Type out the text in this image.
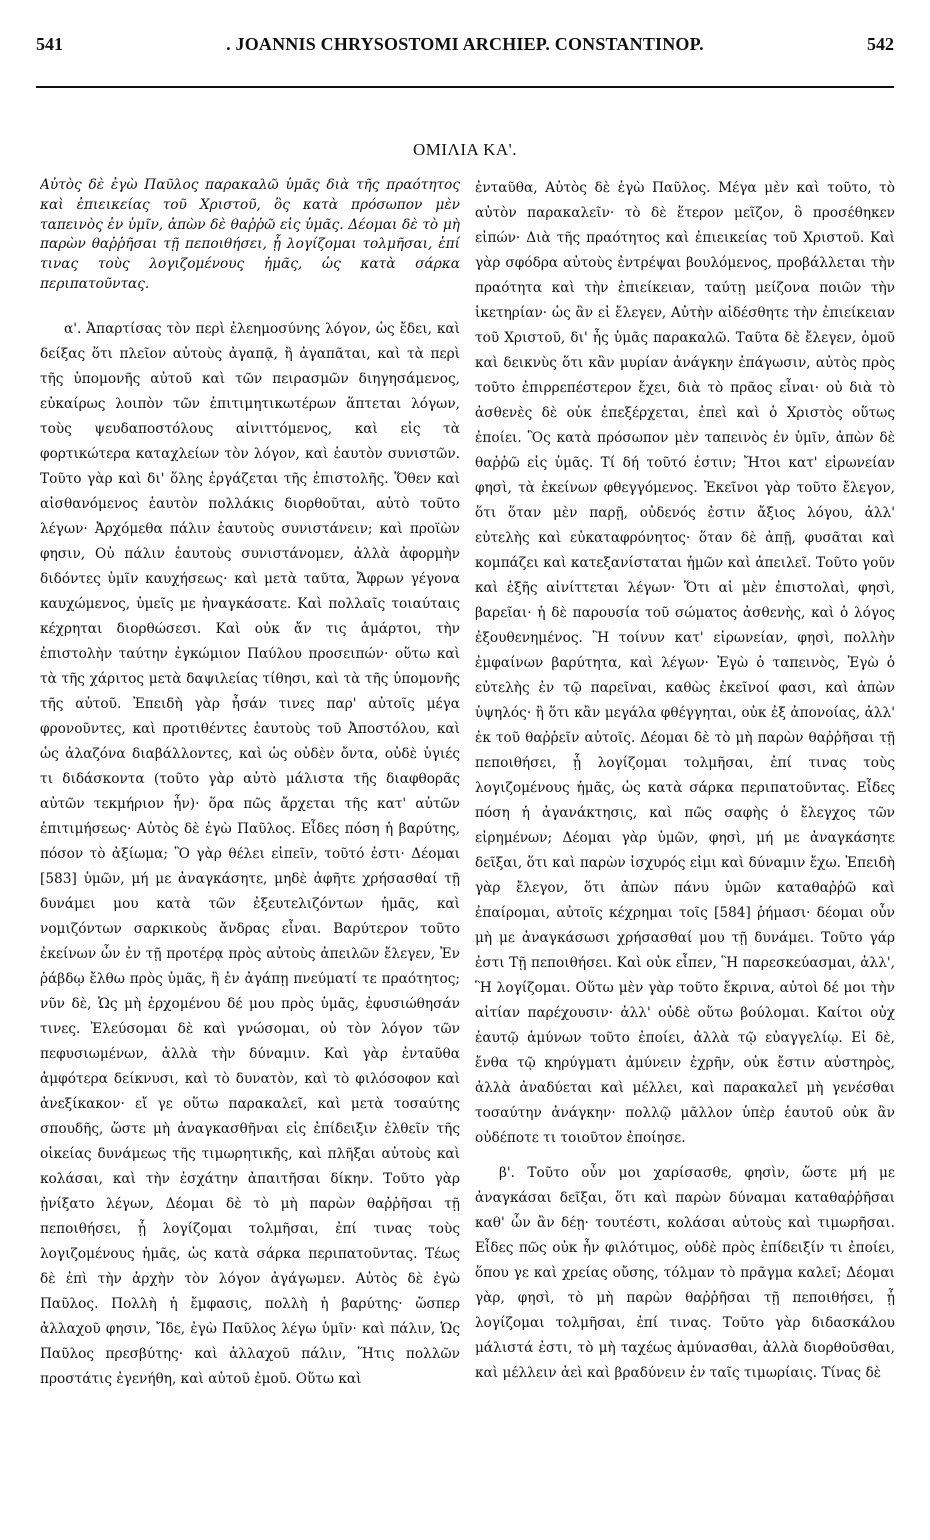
541	. JOANNIS CHRYSOSTOMI ARCHIEP. CONSTANTINOP.	542
ΟΜΙΛΙΑ ΚΑ'.

Αὐτὸς δὲ ἐγὼ Παῦλος παρακαλῶ ὑμᾶς διὰ τῆς πραότητος καὶ ἐπιεικείας τοῦ Χριστοῦ, ὃς κατὰ πρόσωπον μὲν ταπεινὸς ἐν ὑμῖν, ἀπὼν δὲ θαῤῥῶ εἰς ὑμᾶς. Δέομαι δὲ τὸ μὴ παρὼν θαῤῥῆσαι τῇ πεποιθήσει, ᾗ λογίζομαι τολμῆσαι, ἐπί τινας τοὺς λογιζομένους ἡμᾶς, ὡς κατὰ σάρκα περιπατοῦντας.

α'. Ἀπαρτίσας τὸν περὶ ἐλεημοσύνης λόγον, ὡς ἔδει, καὶ δείξας ὅτι πλεῖον αὐτοὺς ἀγαπᾷ, ἢ ἀγαπᾶται, καὶ τὰ περὶ τῆς ὑπομονῆς αὐτοῦ καὶ τῶν πειρασμῶν διηγησάμενος, εὐκαίρως λοιπὸν τῶν ἐπιτιμητικωτέρων ἅπτεται λόγων, τοὺς ψευδαποστόλους αἰνιττόμενος, καὶ εἰς τὰ φορτικώτερα καταχλείων τὸν λόγον, καὶ ἑαυτὸν συνιστῶν. Τοῦτο γὰρ καὶ δι' ὅλης ἐργάζεται τῆς ἐπιστολῆς. Ὅθεν καὶ αἰσθανόμενος ἑαυτὸν πολλάκις διορθοῦται, αὐτὸ τοῦτο λέγων· Ἀρχόμεθα πάλιν ἑαυτοὺς συνιστάνειν; καὶ προϊὼν φησιν, Οὐ πάλιν ἑαυτοὺς συνιστάνομεν, ἀλλὰ ἀφορμὴν διδόντες ὑμῖν καυχήσεως· καὶ μετὰ ταῦτα, Ἄφρων γέγονα καυχώμενος, ὑμεῖς με ἠναγκάσατε. Καὶ πολλαῖς τοιαύταις κέχρηται διορθώσεσι. Καὶ οὐκ ἄν τις ἁμάρτοι, τὴν ἐπιστολὴν ταύτην ἐγκώμιον Παύλου προσειπών· οὕτω καὶ τὰ τῆς χάριτος μετὰ δαψιλείας τίθησι, καὶ τὰ τῆς ὑπομονῆς τῆς αὐτοῦ. Ἐπειδὴ γὰρ ἦσάν τινες παρ' αὐτοῖς μέγα φρονοῦντες, καὶ προτιθέντες ἑαυτοὺς τοῦ Ἀποστόλου, καὶ ὡς ἀλαζόνα διαβάλλοντες, καὶ ὡς οὐδὲν ὄντα, οὐδὲ ὑγιές τι διδάσκοντα (τοῦτο γὰρ αὐτὸ μάλιστα τῆς διαφθορᾶς αὐτῶν τεκμήριον ἦν)· ὅρα πῶς ἄρχεται τῆς κατ' αὐτῶν ἐπιτιμήσεως· Αὐτὸς δὲ ἐγὼ Παῦλος. Εἶδες πόση ἡ βαρύτης, πόσον τὸ ἀξίωμα; Ὃ γὰρ θέλει εἰπεῖν, τοῦτό ἐστι· Δέομαι [583] ὑμῶν, μή με ἀναγκάσητε, μηδὲ ἀφῆτε χρήσασθαί τῇ δυνάμει μου κατὰ τῶν ἐξευτελιζόντων ἡμᾶς, καὶ νομιζόντων σαρκικοὺς ἄνδρας εἶναι. Βαρύτερον τοῦτο ἐκείνων ὧν ἐν τῇ προτέρᾳ πρὸς αὐτοὺς ἀπειλῶν ἔλεγεν, Ἐν ῥάβδῳ ἔλθω πρὸς ὑμᾶς, ἢ ἐν ἀγάπῃ πνεύματί τε πραότητος; νῦν δὲ, Ὡς μὴ ἐρχομένου δέ μου πρὸς ὑμᾶς, ἐφυσιώθησάν τινες. Ἐλεύσομαι δὲ καὶ γνώσομαι, οὐ τὸν λόγον τῶν πεφυσιωμένων, ἀλλὰ τὴν δύναμιν. Καὶ γὰρ ἐνταῦθα ἀμφότερα δείκνυσι, καὶ τὸ δυνατὸν, καὶ τὸ φιλόσοφον καὶ ἀνεξίκακον· εἴ γε οὕτω παρακαλεῖ, καὶ μετὰ τοσαύτης σπουδῆς, ὥστε μὴ ἀναγκασθῆναι εἰς ἐπίδειξιν ἐλθεῖν τῆς οἰκείας δυνάμεως τῆς τιμωρητικῆς, καὶ πλῆξαι αὐτοὺς καὶ κολάσαι, καὶ τὴν ἐσχάτην ἀπαιτῆσαι δίκην. Τοῦτο γὰρ ᾐνίξατο λέγων, Δέομαι δὲ τὸ μὴ παρὼν θαῤῥῆσαι τῇ πεποιθήσει, ᾗ λογίζομαι τολμῆσαι, ἐπί τινας τοὺς λογιζομένους ἡμᾶς, ὡς κατὰ σάρκα περιπατοῦντας. Τέως δὲ ἐπὶ τὴν ἀρχὴν τὸν λόγον ἀγάγωμεν. Αὐτὸς δὲ ἐγὼ Παῦλος. Πολλὴ ἡ ἔμφασις, πολλὴ ἡ βαρύτης· ὥσπερ ἀλλαχοῦ φησιν, Ἴδε, ἐγὼ Παῦλος λέγω ὑμῖν· καὶ πάλιν, Ὡς Παῦλος πρεσβύτης· καὶ ἀλλαχοῦ πάλιν, Ἥτις πολλῶν προστάτις ἐγενήθη, καὶ αὐτοῦ ἐμοῦ. Οὕτω καὶ

ἐνταῦθα, Αὐτὸς δὲ ἐγὼ Παῦλος. Μέγα μὲν καὶ τοῦτο, τὸ αὐτὸν παρακαλεῖν· τὸ δὲ ἕτερον μεῖζον, ὃ προσέθηκεν εἰπών· Διὰ τῆς πραότητος καὶ ἐπιεικείας τοῦ Χριστοῦ. Καὶ γὰρ σφόδρα αὐτοὺς ἐντρέψαι βουλόμενος, προβάλλεται τὴν πραότητα καὶ τὴν ἐπιείκειαν, ταύτῃ μείζονα ποιῶν τὴν ἱκετηρίαν· ὡς ἂν εἰ ἔλεγεν, Αὐτὴν αἰδέσθητε τὴν ἐπιείκειαν τοῦ Χριστοῦ, δι' ἧς ὑμᾶς παρακαλῶ. Ταῦτα δὲ ἔλεγεν, ὁμοῦ καὶ δεικνὺς ὅτι κἂν μυρίαν ἀνάγκην ἐπάγωσιν, αὐτὸς πρὸς τοῦτο ἐπιρρεπέστερον ἔχει, διὰ τὸ πρᾶος εἶναι· οὐ διὰ τὸ ἀσθενὲς δὲ οὐκ ἐπεξέρχεται, ἐπεὶ καὶ ὁ Χριστὸς οὕτως ἐποίει. Ὃς κατὰ πρόσωπον μὲν ταπεινὸς ἐν ὑμῖν, ἀπὼν δὲ θαῤῥῶ εἰς ὑμᾶς. Τί δή τοῦτό ἐστιν; Ἤτοι κατ' εἰρωνείαν φησὶ, τὰ ἐκείνων φθεγγόμενος. Ἐκεῖνοι γὰρ τοῦτο ἔλεγον, ὅτι ὅταν μὲν παρῇ, οὐδενός ἐστιν ἄξιος λόγου, ἀλλ' εὐτελὴς καὶ εὐκαταφρόνητος· ὅταν δὲ ἀπῇ, φυσᾶται καὶ κομπάζει καὶ κατεξανίσταται ἡμῶν καὶ ἀπειλεῖ. Τοῦτο γοῦν καὶ ἑξῆς αἰνίττεται λέγων· Ὅτι αἱ μὲν ἐπιστολαὶ, φησὶ, βαρεῖαι· ἡ δὲ παρουσία τοῦ σώματος ἀσθενὴς, καὶ ὁ λόγος ἐξουθενημένος. Ἢ τοίνυν κατ' εἰρωνείαν, φησὶ, πολλὴν ἐμφαίνων βαρύτητα, καὶ λέγων· Ἐγὼ ὁ ταπεινὸς, Ἐγὼ ὁ εὐτελὴς ἐν τῷ παρεῖναι, καθὼς ἐκεῖνοί φασι, καὶ ἀπὼν ὑψηλός· ἢ ὅτι κἂν μεγάλα φθέγγηται, οὐκ ἐξ ἀπονοίας, ἀλλ' ἐκ τοῦ θαῤῥεῖν αὐτοῖς. Δέομαι δὲ τὸ μὴ παρὼν θαῤῥῆσαι τῇ πεποιθήσει, ᾗ λογίζομαι τολμῆσαι, ἐπί τινας τοὺς λογιζομένους ἡμᾶς, ὡς κατὰ σάρκα περιπατοῦντας. Εἶδες πόση ἡ ἀγανάκτησις, καὶ πῶς σαφὴς ὁ ἔλεγχος τῶν εἰρημένων; Δέομαι γὰρ ὑμῶν, φησὶ, μή με ἀναγκάσητε δεῖξαι, ὅτι καὶ παρὼν ἰσχυρός εἰμι καὶ δύναμιν ἔχω. Ἐπειδὴ γὰρ ἔλεγον, ὅτι ἀπὼν πάνυ ὑμῶν καταθαῤῥῶ καὶ ἐπαίρομαι, αὐτοῖς κέχρημαι τοῖς [584] ῥήμασι· δέομαι οὖν μὴ με ἀναγκάσωσι χρήσασθαί μου τῇ δυνάμει. Τοῦτο γάρ ἐστι Τῇ πεποιθήσει. Καὶ οὐκ εἶπεν, Ἣ παρεσκεύασμαι, ἀλλ', Ἣ λογίζομαι. Οὕτω μὲν γὰρ τοῦτο ἔκρινα, αὐτοὶ δέ μοι τὴν αἰτίαν παρέχουσιν· ἀλλ' οὐδὲ οὕτω βούλομαι. Καίτοι οὐχ ἑαυτῷ ἀμύνων τοῦτο ἐποίει, ἀλλὰ τῷ εὐαγγελίῳ. Εἰ δὲ, ἔνθα τῷ κηρύγματι ἀμύνειν ἐχρῆν, οὐκ ἔστιν αὐστηρὸς, ἀλλὰ ἀναδύεται καὶ μέλλει, καὶ παρακαλεῖ μὴ γενέσθαι τοσαύτην ἀνάγκην· πολλῷ μᾶλλον ὑπὲρ ἑαυτοῦ οὐκ ἂν οὐδέποτε τι τοιοῦτον ἐποίησε.

β'. Τοῦτο οὖν μοι χαρίσασθε, φησὶν, ὥστε μή με ἀναγκάσαι δεῖξαι, ὅτι καὶ παρὼν δύναμαι καταθαῤῥῆσαι καθ' ὧν ἂν δέῃ· τουτέστι, κολάσαι αὐτοὺς καὶ τιμωρῆσαι. Εἶδες πῶς οὐκ ἦν φιλότιμος, οὐδὲ πρὸς ἐπίδειξίν τι ἐποίει, ὅπου γε καὶ χρείας οὔσης, τόλμαν τὸ πρᾶγμα καλεῖ; Δέομαι γὰρ, φησὶ, τὸ μὴ παρὼν θαῤῥῆσαι τῇ πεποιθήσει, ᾗ λογίζομαι τολμῆσαι, ἐπί τινας. Τοῦτο γὰρ διδασκάλου μάλιστά ἐστι, τὸ μὴ ταχέως ἀμύνασθαι, ἀλλὰ διορθοῦσθαι, καὶ μέλλειν ἀεὶ καὶ βραδύνειν ἐν ταῖς τιμωρίαις. Τίνας δὲ
